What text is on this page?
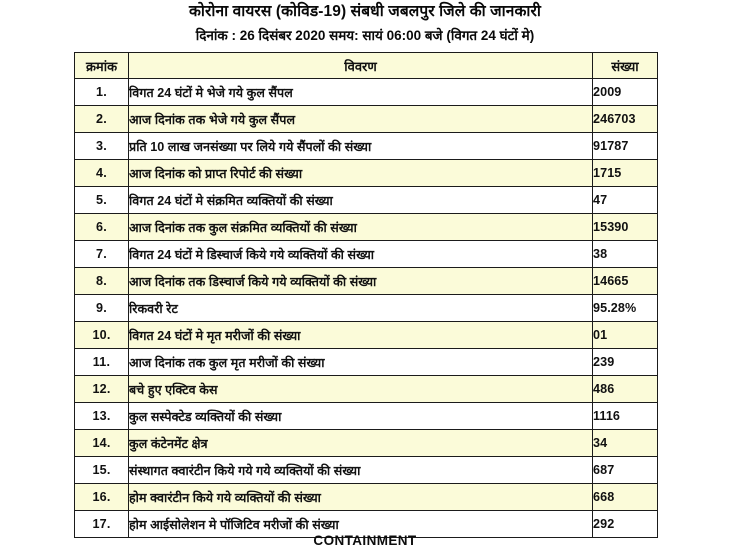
कोरोना वायरस (कोविड-19) संबधी जबलपुर जिले की जानकारी
दिनांक : 26 दिसंबर 2020 समय: सायं 06:00 बजे (विगत 24 घंटों मे)
क्रमांक	विवरण	संख्या
1.	विगत 24 घंटों मे भेजे गये कुल सैंपल	2009
2.	आज दिनांक तक भेजे गये कुल सैंपल	246703
3.	प्रति 10 लाख जनसंख्या पर लिये गये सैंपलों की संख्या	91787
4.	आज दिनांक को प्राप्त रिपोर्ट की संख्या	1715
5.	विगत 24 घंटों मे संक्रमित व्यक्तियों की संख्या	47
6.	आज दिनांक तक कुल संक्रमित व्यक्तियों की संख्या	15390
7.	विगत 24 घंटों मे डिस्चार्ज किये गये व्यक्तियों की संख्या	38
8.	आज दिनांक तक डिस्चार्ज किये गये व्यक्तियों की संख्या	14665
9.	रिकवरी रेट	95.28%
10.	विगत 24 घंटों मे मृत मरीजों की संख्या	01
11.	आज दिनांक तक कुल मृत मरीजों की संख्या	239
12.	बचे हुए एक्टिव केस	486
13.	कुल सस्पेक्टेड व्यक्तियों की संख्या	1116
14.	कुल कंटेनमेंट क्षेत्र	34
15.	संस्थागत क्वारंटीन किये गये गये व्यक्तियों की संख्या	687
16.	होम क्वारंटीन किये गये व्यक्तियों की संख्या	668
17.	होम आईसोलेशन मे पॉजिटिव मरीजों की संख्या	292
CONTAINMENT
